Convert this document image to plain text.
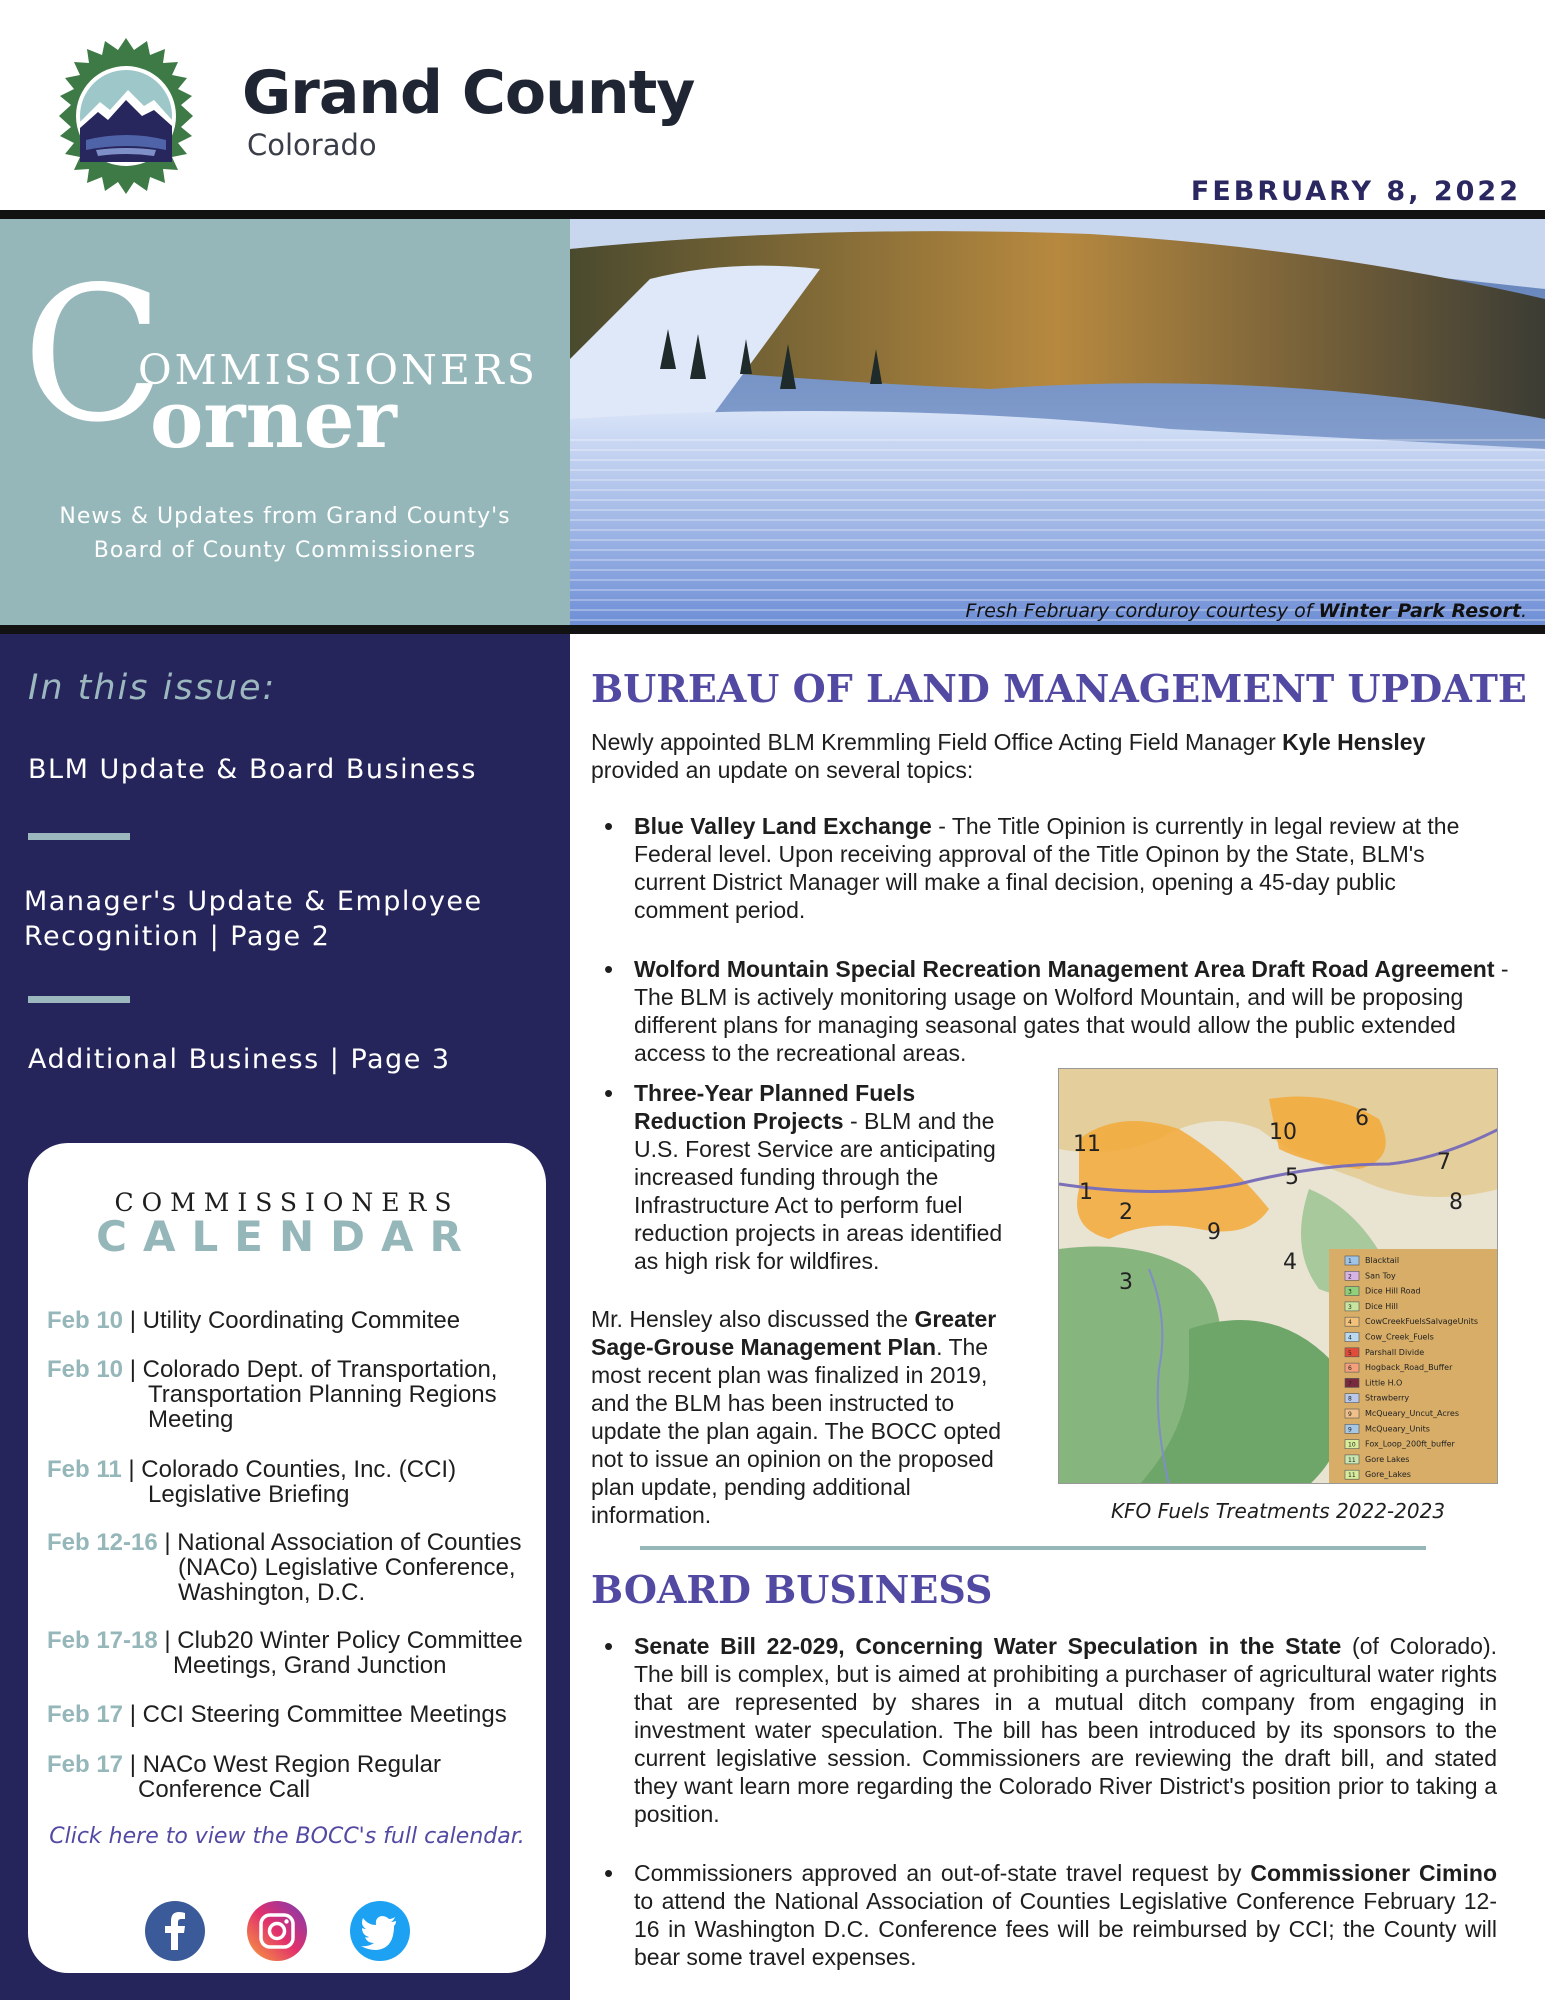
Grand County
Colorado
FEBRUARY 8, 2022
C
OMMISSIONERS
orner
News & Updates from Grand County's
Board of County Commissioners
Fresh February corduroy courtesy of Winter Park Resort.
In this issue:
BLM Update & Board Business
Manager's Update & Employee
Recognition | Page 2
Additional Business | Page 3
COMMISSIONERS
CALENDAR
Feb 10 | Utility Coordinating Commitee
Feb 10 | Colorado Dept. of Transportation,
Transportation Planning Regions
Meeting
Feb 11 | Colorado Counties, Inc. (CCI)
Legislative Briefing
Feb 12-16 | National Association of Counties
(NACo) Legislative Conference,
Washington, D.C.
Feb 17-18 | Club20 Winter Policy Committee
Meetings, Grand Junction
Feb 17 | CCI Steering Committee Meetings
Feb 17 | NACo West Region Regular
Conference Call
Click here to view the BOCC's full calendar.
BUREAU OF LAND MANAGEMENT UPDATE
Newly appointed BLM Kremmling Field Office Acting Field Manager Kyle Hensley provided an update on several topics:
• Blue Valley Land Exchange - The Title Opinion is currently in legal review at the Federal level. Upon receiving approval of the Title Opinon by the State, BLM's current District Manager will make a final decision, opening a 45-day public comment period.
• Wolford Mountain Special Recreation Management Area Draft Road Agreement - The BLM is actively monitoring usage on Wolford Mountain, and will be proposing different plans for managing seasonal gates that would allow the public extended access to the recreational areas.
• Three-Year Planned Fuels Reduction Projects - BLM and the U.S. Forest Service are anticipating increased funding through the Infrastructure Act to perform fuel reduction projects in areas identified as high risk for wildfires.
Mr. Hensley also discussed the Greater Sage-Grouse Management Plan. The most recent plan was finalized in 2019, and the BLM has been instructed to update the plan again. The BOCC opted not to issue an opinion on the proposed plan update, pending additional information.
11
1
2
3
10
5
6
7
8
9
4	1 Blacktail
2 San Toy
3 Dice Hill Road
3 Dice Hill
4 CowCreekFuelsSalvageUnits
4 Cow_Creek_Fuels
5 Parshall Divide
6 Hogback_Road_Buffer
7 Little H.O
8 Strawberry
9 McQueary_Uncut_Acres
9 McQueary_Units
10 Fox_Loop_200ft_buffer
11 Gore Lakes
11 Gore_Lakes
KFO Fuels Treatments 2022-2023
BOARD BUSINESS
• Senate Bill 22-029, Concerning Water Speculation in the State (of Colorado). The bill is complex, but is aimed at prohibiting a purchaser of agricultural water rights that are represented by shares in a mutual ditch company from engaging in investment water speculation. The bill has been introduced by its sponsors to the current legislative session. Commissioners are reviewing the draft bill, and stated they want learn more regarding the Colorado River District's position prior to taking a position.
• Commissioners approved an out-of-state travel request by Commissioner Cimino to attend the National Association of Counties Legislative Conference February 12-16 in Washington D.C. Conference fees will be reimbursed by CCI; the County will bear some travel expenses.
